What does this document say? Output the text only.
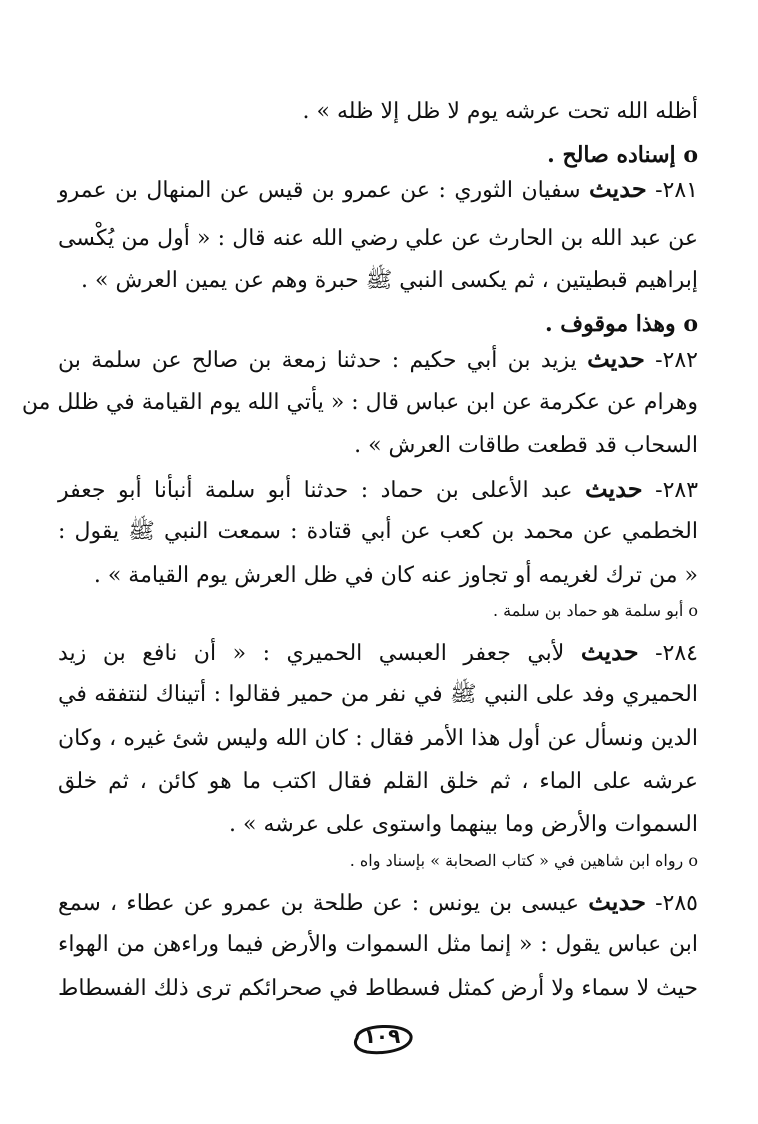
أظله الله تحت عرشه يوم لا ظل إلا ظله » .
o إسناده صالح .
٢٨١- حديث سفيان الثوري : عن عمرو بن قيس عن المنهال بن عمرو
عن عبد الله بن الحارث عن علي رضي الله عنه قال : « أول من يُكْسى
إبراهيم قبطيتين ، ثم يكسى النبي ﷺ حبرة وهم عن يمين العرش » .
o وهذا موقوف .
٢٨٢- حديث يزيد بن أبي حكيم : حدثنا زمعة بن صالح عن سلمة بن
وهرام عن عكرمة عن ابن عباس قال : « يأتي الله يوم القيامة في ظلل من
السحاب قد قطعت طاقات العرش » .
٢٨٣- حديث عبد الأعلى بن حماد : حدثنا أبو سلمة أنبأنا أبو جعفر
الخطمي عن محمد بن كعب عن أبي قتادة : سمعت النبي ﷺ يقول :
« من ترك لغريمه أو تجاوز عنه كان في ظل العرش يوم القيامة » .
o أبو سلمة هو حماد بن سلمة .
٢٨٤- حديث لأبي جعفر العبسي الحميري : « أن نافع بن زيد
الحميري وفد على النبي ﷺ في نفر من حمير فقالوا : أتيناك لنتفقه في
الدين ونسأل عن أول هذا الأمر فقال : كان الله وليس شئ غيره ، وكان
عرشه على الماء ، ثم خلق القلم فقال اكتب ما هو كائن ، ثم خلق
السموات والأرض وما بينهما واستوى على عرشه » .
o رواه ابن شاهين في « كتاب الصحابة » بإسناد واه .
٢٨٥- حديث عيسى بن يونس : عن طلحة بن عمرو عن عطاء ، سمع
ابن عباس يقول : « إنما مثل السموات والأرض فيما وراءهن من الهواء
حيث لا سماء ولا أرض كمثل فسطاط في صحرائكم ترى ذلك الفسطاط
١٠٩
